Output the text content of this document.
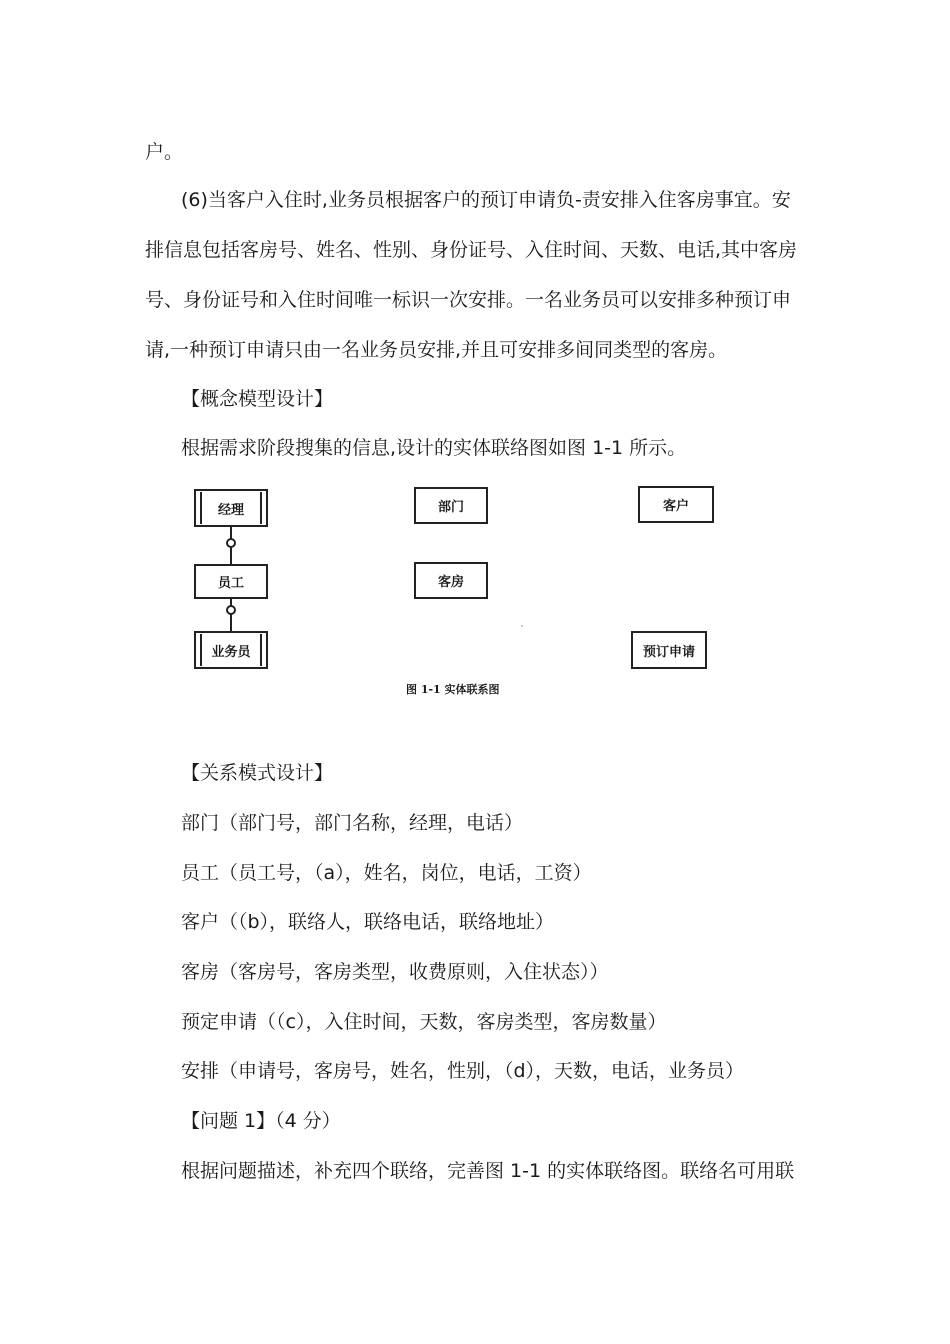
户。
(6)当客户入住时,业务员根据客户的预订申请负-责安排入住客房事宜。安
排信息包括客房号、姓名、性别、身份证号、入住时间、天数、电话,其中客房
号、身份证号和入住时间唯一标识一次安排。一名业务员可以安排多种预订申
请,一种预订申请只由一名业务员安排,并且可安排多间同类型的客房。
【概念模型设计】
根据需求阶段搜集的信息,设计的实体联络图如图 1-1 所示。
经理
员工
业务员
部门
客房
客户
预订申请
图 1-1 实体联系图
【关系模式设计】
部门（部门号，部门名称，经理，电话）
员工（员工号，（a），姓名，岗位，电话，工资）
客户（（b），联络人，联络电话，联络地址）
客房（客房号，客房类型，收费原则，入住状态））
预定申请（（c），入住时间，天数，客房类型，客房数量）
安排（申请号，客房号，姓名，性别，（d），天数，电话，业务员）
【问题 1】（4 分）
根据问题描述，补充四个联络，完善图 1-1 的实体联络图。联络名可用联
